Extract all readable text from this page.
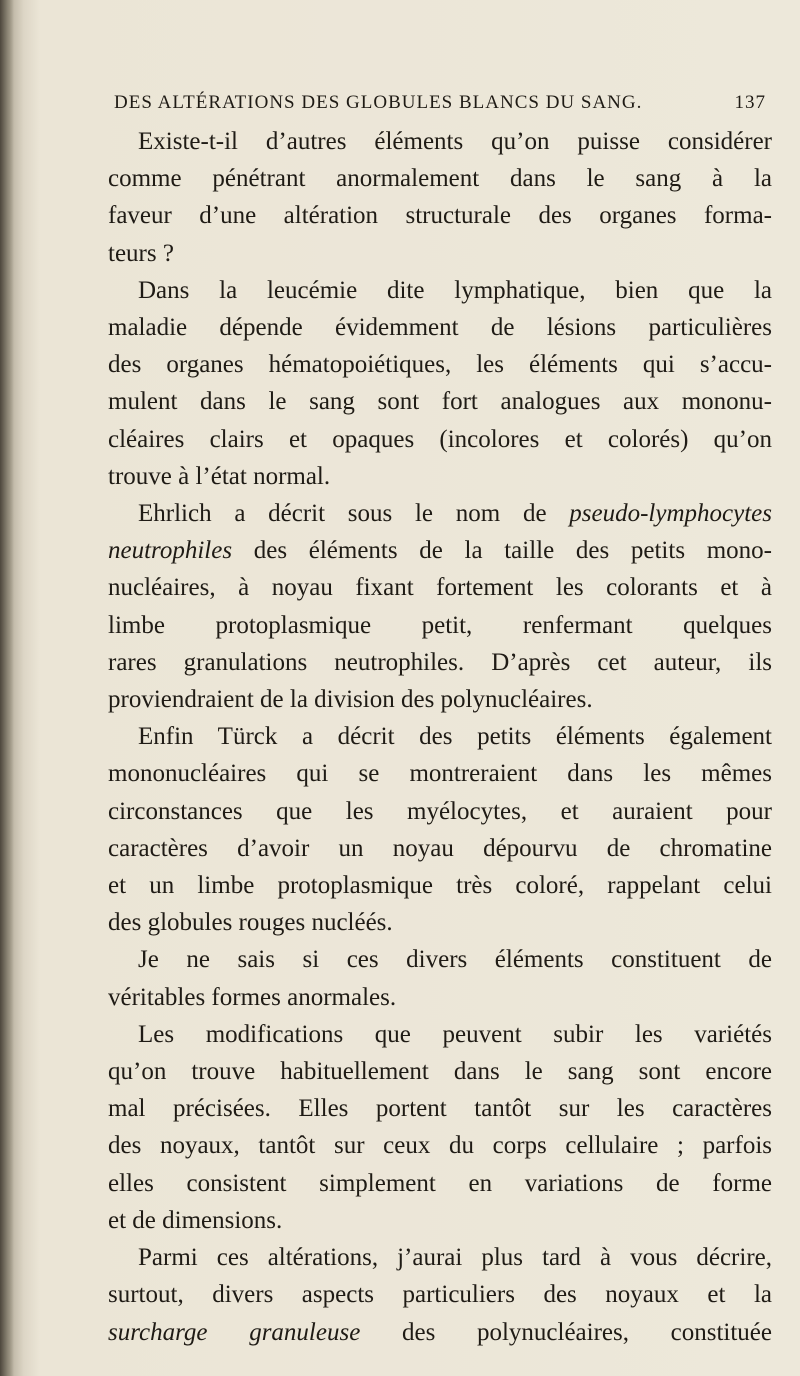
DES ALTÉRATIONS DES GLOBULES BLANCS DU SANG.	137
Existe-t-il d’autres éléments qu’on puisse considérer
comme pénétrant anormalement dans le sang à la
faveur d’une altération structurale des organes forma-
teurs ?
Dans la leucémie dite lymphatique, bien que la
maladie dépende évidemment de lésions particulières
des organes hématopoiétiques, les éléments qui s’accu-
mulent dans le sang sont fort analogues aux mononu-
cléaires clairs et opaques (incolores et colorés) qu’on
trouve à l’état normal.
Ehrlich a décrit sous le nom de pseudo-lymphocytes
neutrophiles des éléments de la taille des petits mono-
nucléaires, à noyau fixant fortement les colorants et à
limbe protoplasmique petit, renfermant quelques
rares granulations neutrophiles. D’après cet auteur, ils
proviendraient de la division des polynucléaires.
Enfin Türck a décrit des petits éléments également
mononucléaires qui se montreraient dans les mêmes
circonstances que les myélocytes, et auraient pour
caractères d’avoir un noyau dépourvu de chromatine
et un limbe protoplasmique très coloré, rappelant celui
des globules rouges nucléés.
Je ne sais si ces divers éléments constituent de
véritables formes anormales.
Les modifications que peuvent subir les variétés
qu’on trouve habituellement dans le sang sont encore
mal précisées. Elles portent tantôt sur les caractères
des noyaux, tantôt sur ceux du corps cellulaire ; parfois
elles consistent simplement en variations de forme
et de dimensions.
Parmi ces altérations, j’aurai plus tard à vous décrire,
surtout, divers aspects particuliers des noyaux et la
surcharge granuleuse des polynucléaires, constituée
